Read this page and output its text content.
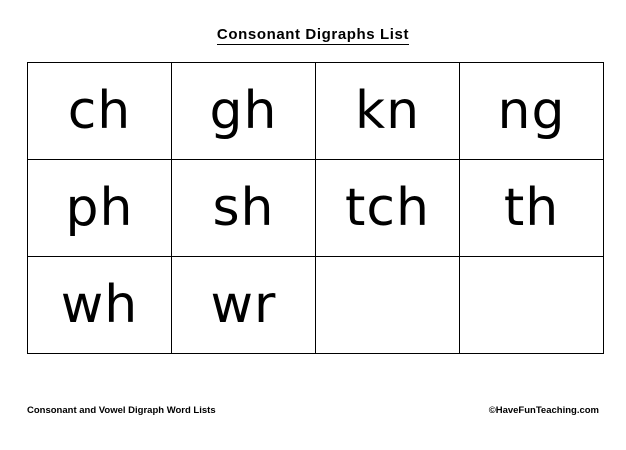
Consonant Digraphs List
ch	gh	kn	ng

ph	sh	tch	th

wh	wr		

Consonant and Vowel Digraph Word Lists	©HaveFunTeaching.com
